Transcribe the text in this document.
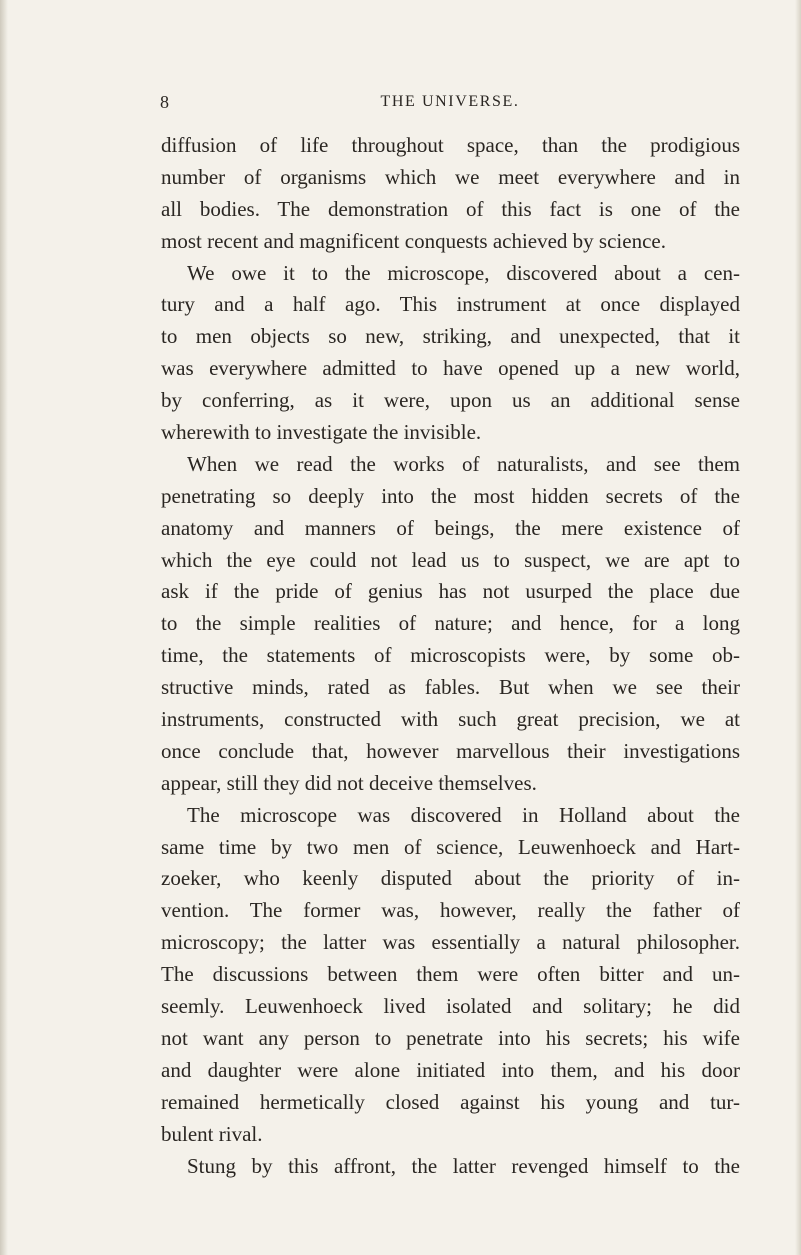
8	THE UNIVERSE.
diffusion of life throughout space, than the prodigious
number of organisms which we meet everywhere and in
all bodies. The demonstration of this fact is one of the
most recent and magnificent conquests achieved by science.
We owe it to the microscope, discovered about a cen-
tury and a half ago. This instrument at once displayed
to men objects so new, striking, and unexpected, that it
was everywhere admitted to have opened up a new world,
by conferring, as it were, upon us an additional sense
wherewith to investigate the invisible.
When we read the works of naturalists, and see them
penetrating so deeply into the most hidden secrets of the
anatomy and manners of beings, the mere existence of
which the eye could not lead us to suspect, we are apt to
ask if the pride of genius has not usurped the place due
to the simple realities of nature; and hence, for a long
time, the statements of microscopists were, by some ob-
structive minds, rated as fables. But when we see their
instruments, constructed with such great precision, we at
once conclude that, however marvellous their investigations
appear, still they did not deceive themselves.
The microscope was discovered in Holland about the
same time by two men of science, Leuwenhoeck and Hart-
zoeker, who keenly disputed about the priority of in-
vention. The former was, however, really the father of
microscopy; the latter was essentially a natural philosopher.
The discussions between them were often bitter and un-
seemly. Leuwenhoeck lived isolated and solitary; he did
not want any person to penetrate into his secrets; his wife
and daughter were alone initiated into them, and his door
remained hermetically closed against his young and tur-
bulent rival.
Stung by this affront, the latter revenged himself to the
